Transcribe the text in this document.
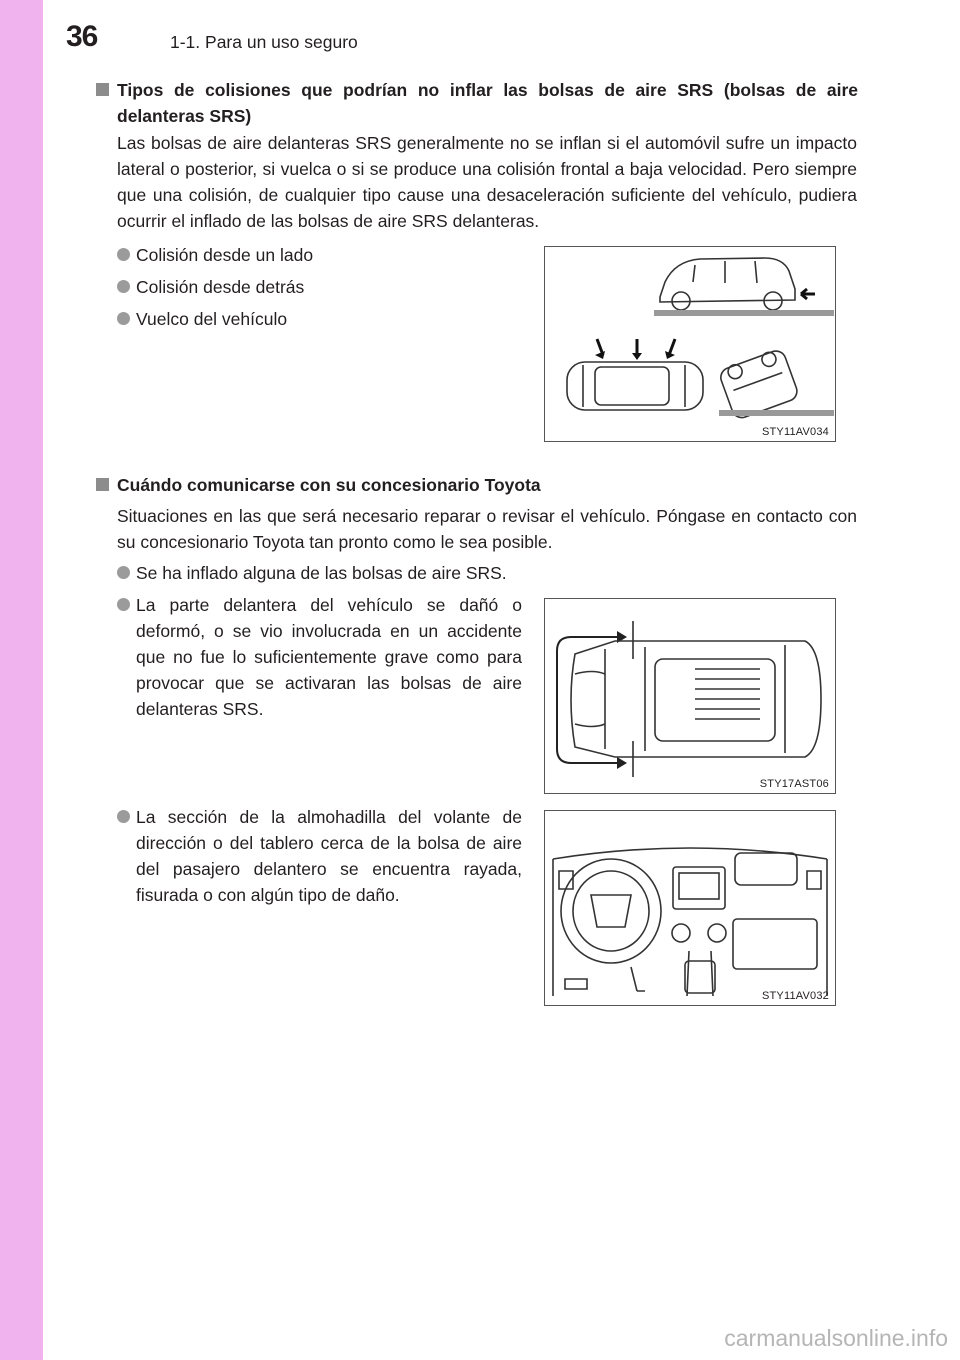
36	1-1. Para un uso seguro
Tipos de colisiones que podrían no inflar las bolsas de aire SRS (bolsas de aire delanteras SRS)
Las bolsas de aire delanteras SRS generalmente no se inflan si el automóvil sufre un impacto lateral o posterior, si vuelca o si se produce una colisión frontal a baja velocidad. Pero siempre que una colisión, de cualquier tipo cause una desaceleración suficiente del vehículo, pudiera ocurrir el inflado de las bolsas de aire SRS delanteras.
Colisión desde un lado
Colisión desde detrás
Vuelco del vehículo
STY11AV034
Cuándo comunicarse con su concesionario Toyota
Situaciones en las que será necesario reparar o revisar el vehículo. Póngase en contacto con su concesionario Toyota tan pronto como le sea posible.
Se ha inflado alguna de las bolsas de aire SRS.
La parte delantera del vehículo se dañó o deformó, o se vio involucrada en un accidente que no fue lo suficientemente grave como para provocar que se activaran las bolsas de aire delanteras SRS.
STY17AST06
La sección de la almohadilla del volante de dirección o del tablero cerca de la bolsa de aire del pasajero delantero se encuentra rayada, fisurada o con algún tipo de daño.
STY11AV032
carmanualsonline.info
